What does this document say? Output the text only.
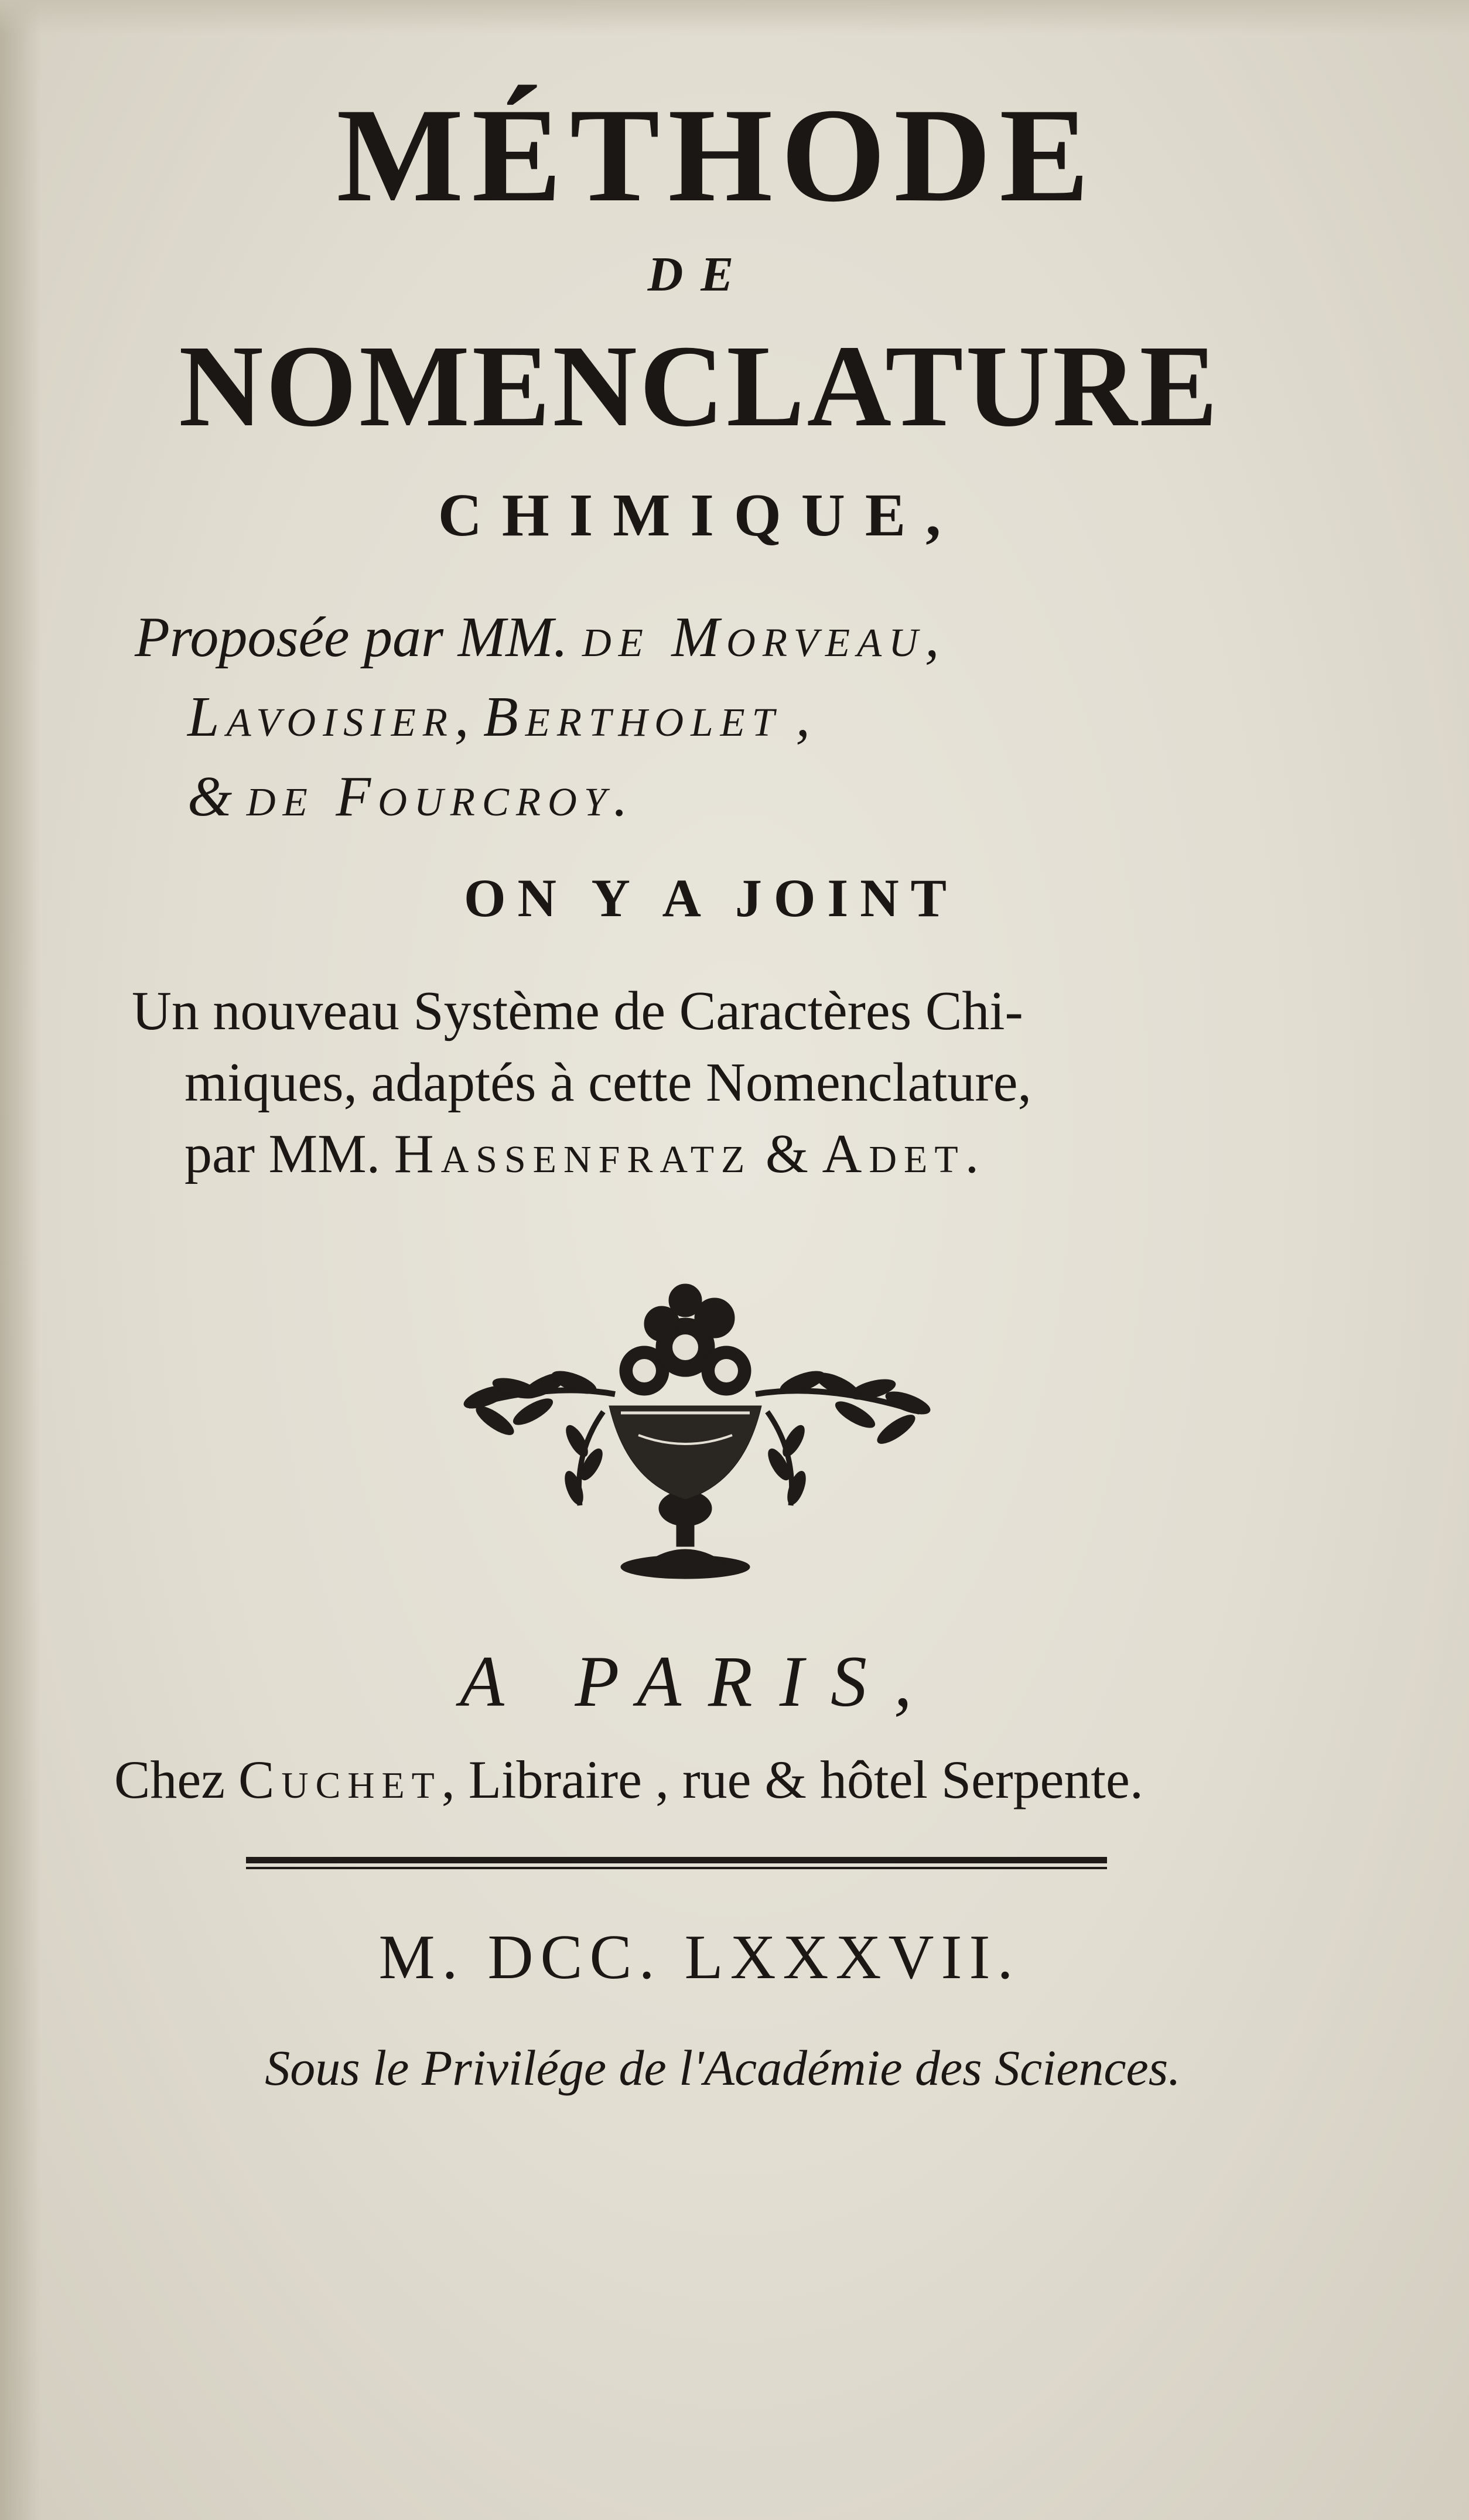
MÉTHODE
DE
NOMENCLATURE
CHIMIQUE,
Proposée par MM. de Morveau,
Lavoisier, Bertholet ,
& de Fourcroy.
ON Y A JOINT
Un nouveau Système de Caractères Chi-
miques, adaptés à cette Nomenclature,
par MM. Hassenfratz & Adet.
A PARIS,
Chez Cuchet, Libraire , rue & hôtel Serpente.
M. DCC. LXXXVII.
Sous le Privilége de l'Académie des Sciences.
